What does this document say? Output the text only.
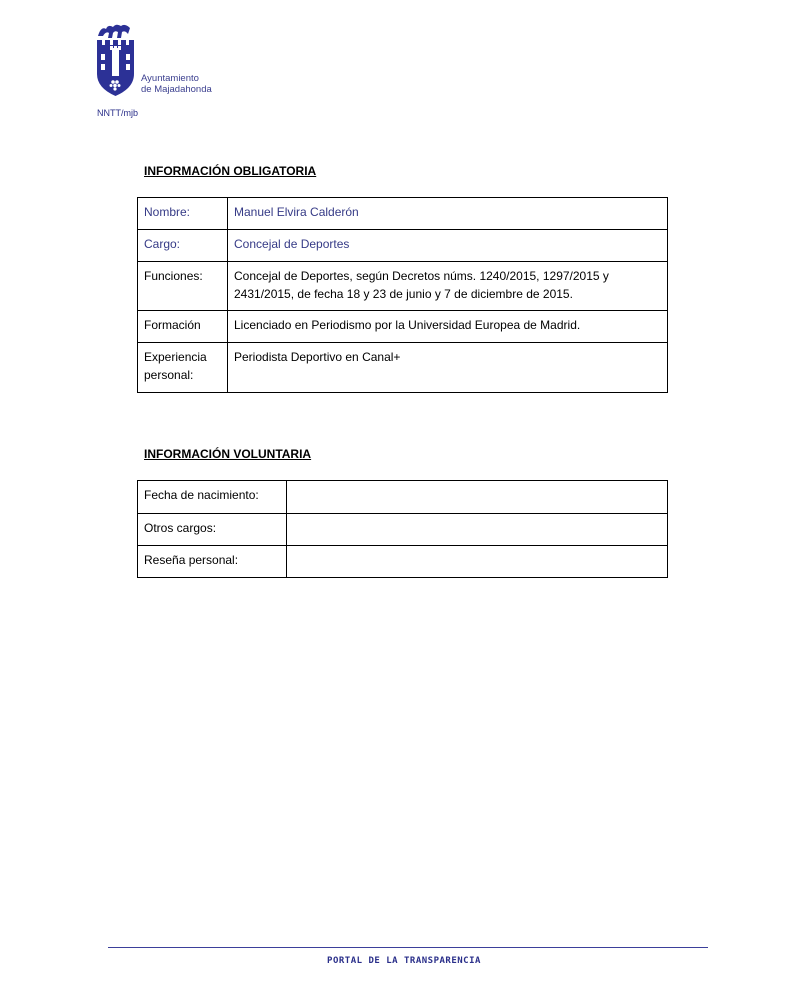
Ayuntamiento
de Majadahonda
NNTT/mjb
INFORMACIÓN OBLIGATORIA
Nombre:	Manuel Elvira Calderón
Cargo:	Concejal de Deportes
Funciones:	Concejal de Deportes, según Decretos núms. 1240/2015, 1297/2015 y 2431/2015, de fecha 18 y 23 de junio y 7 de diciembre de 2015.
Formación	Licenciado en Periodismo por la Universidad Europea de Madrid.
Experiencia personal:	Periodista Deportivo en Canal+
INFORMACIÓN VOLUNTARIA
Fecha de nacimiento:	
Otros cargos:	
Reseña personal:	
PORTAL DE LA TRANSPARENCIA
